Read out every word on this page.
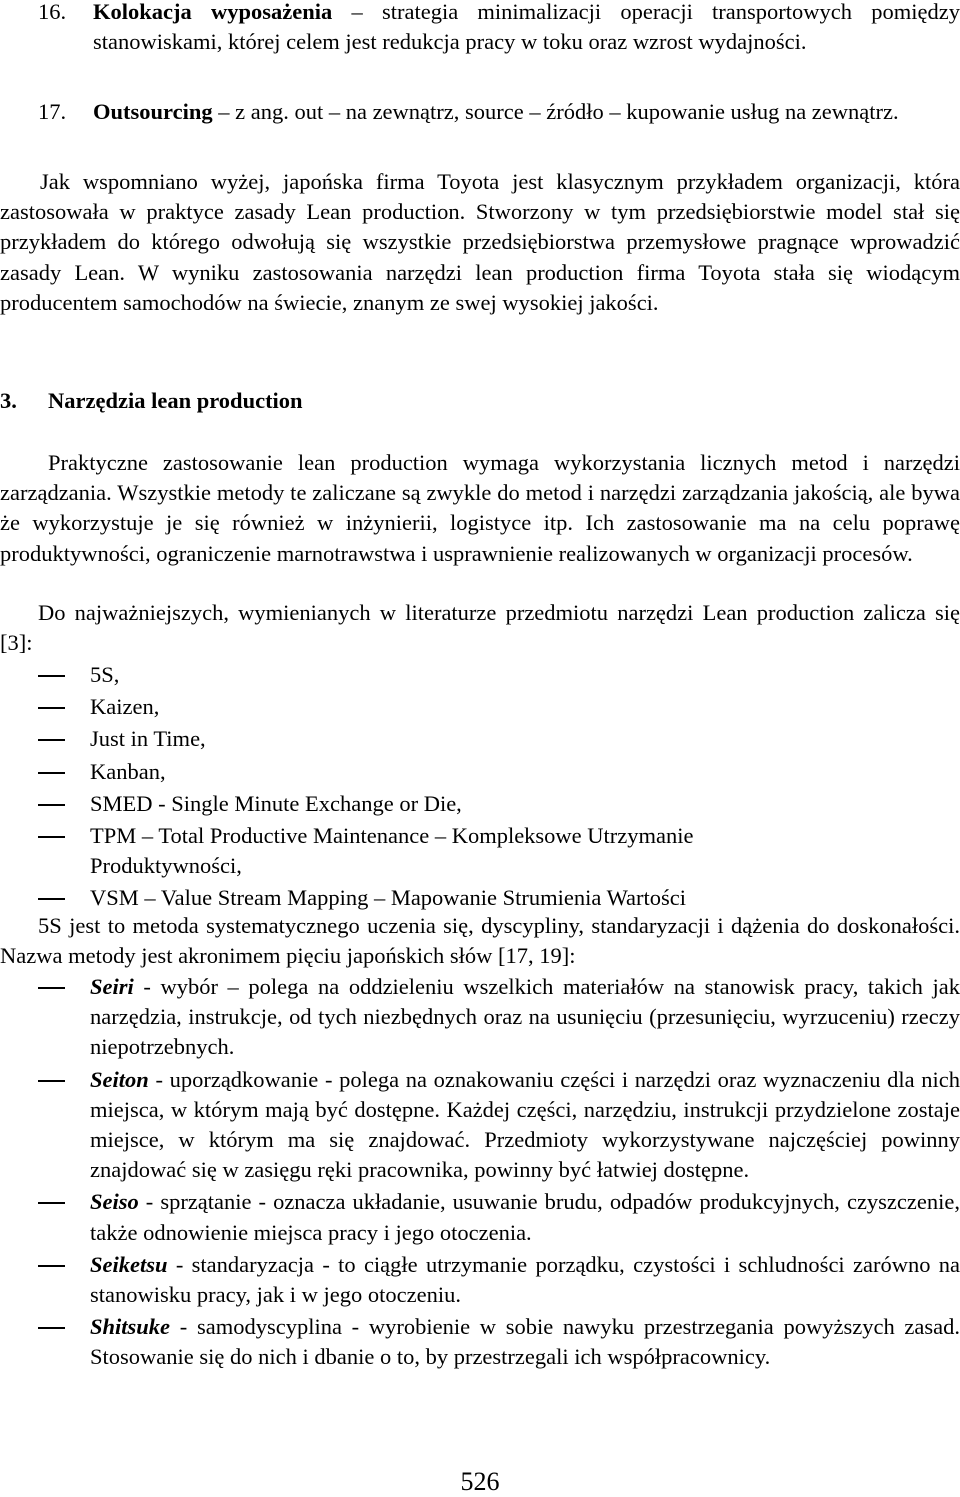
16. Kolokacja wyposażenia – strategia minimalizacji operacji transportowych pomiędzy stanowiskami, której celem jest redukcja pracy w toku oraz wzrost wydajności.
17. Outsourcing – z ang. out – na zewnątrz, source – źródło – kupowanie usług na zewnątrz.

Jak wspomniano wyżej, japońska firma Toyota jest klasycznym przykładem organizacji, która zastosowała w praktyce zasady Lean production. Stworzony w tym przedsiębiorstwie model stał się przykładem do którego odwołują się wszystkie przedsiębiorstwa przemysłowe pragnące wprowadzić zasady Lean. W wyniku zastosowania narzędzi lean production firma Toyota stała się wiodącym producentem samochodów na świecie, znanym ze swej wysokiej jakości.

3. Narzędzia lean production

Praktyczne zastosowanie lean production wymaga wykorzystania licznych metod i narzędzi zarządzania. Wszystkie metody te zaliczane są zwykle do metod i narzędzi zarządzania jakością, ale bywa że wykorzystuje je się również w inżynierii, logistyce itp. Ich zastosowanie ma na celu poprawę produktywności, ograniczenie marnotrawstwa i usprawnienie realizowanych w organizacji procesów.

Do najważniejszych, wymienianych w literaturze przedmiotu narzędzi Lean production zalicza się [3]:

5S,
Kaizen,
Just in Time,
Kanban,
SMED - Single Minute Exchange or Die,
TPM – Total Productive Maintenance – Kompleksowe Utrzymanie Produktywności,
VSM – Value Stream Mapping – Mapowanie Strumienia Wartości

5S jest to metoda systematycznego uczenia się, dyscypliny, standaryzacji i dążenia do doskonałości. Nazwa metody jest akronimem pięciu japońskich słów [17, 19]:

Seiri - wybór – polega na oddzieleniu wszelkich materiałów na stanowisk pracy, takich jak narzędzia, instrukcje, od tych niezbędnych oraz na usunięciu (przesunięciu, wyrzuceniu) rzeczy niepotrzebnych.
Seiton - uporządkowanie - polega na oznakowaniu części i narzędzi oraz wyznaczeniu dla nich miejsca, w którym mają być dostępne. Każdej części, narzędziu, instrukcji przydzielone zostaje miejsce, w którym ma się znajdować. Przedmioty wykorzystywane najczęściej powinny znajdować się w zasięgu ręki pracownika, powinny być łatwiej dostępne.
Seiso - sprzątanie - oznacza układanie, usuwanie brudu, odpadów produkcyjnych, czyszczenie, także odnowienie miejsca pracy i jego otoczenia.
Seiketsu - standaryzacja - to ciągłe utrzymanie porządku, czystości i schludności zarówno na stanowisku pracy, jak i w jego otoczeniu.
Shitsuke - samodyscyplina - wyrobienie w sobie nawyku przestrzegania powyższych zasad. Stosowanie się do nich i dbanie o to, by przestrzegali ich współpracownicy.
526
